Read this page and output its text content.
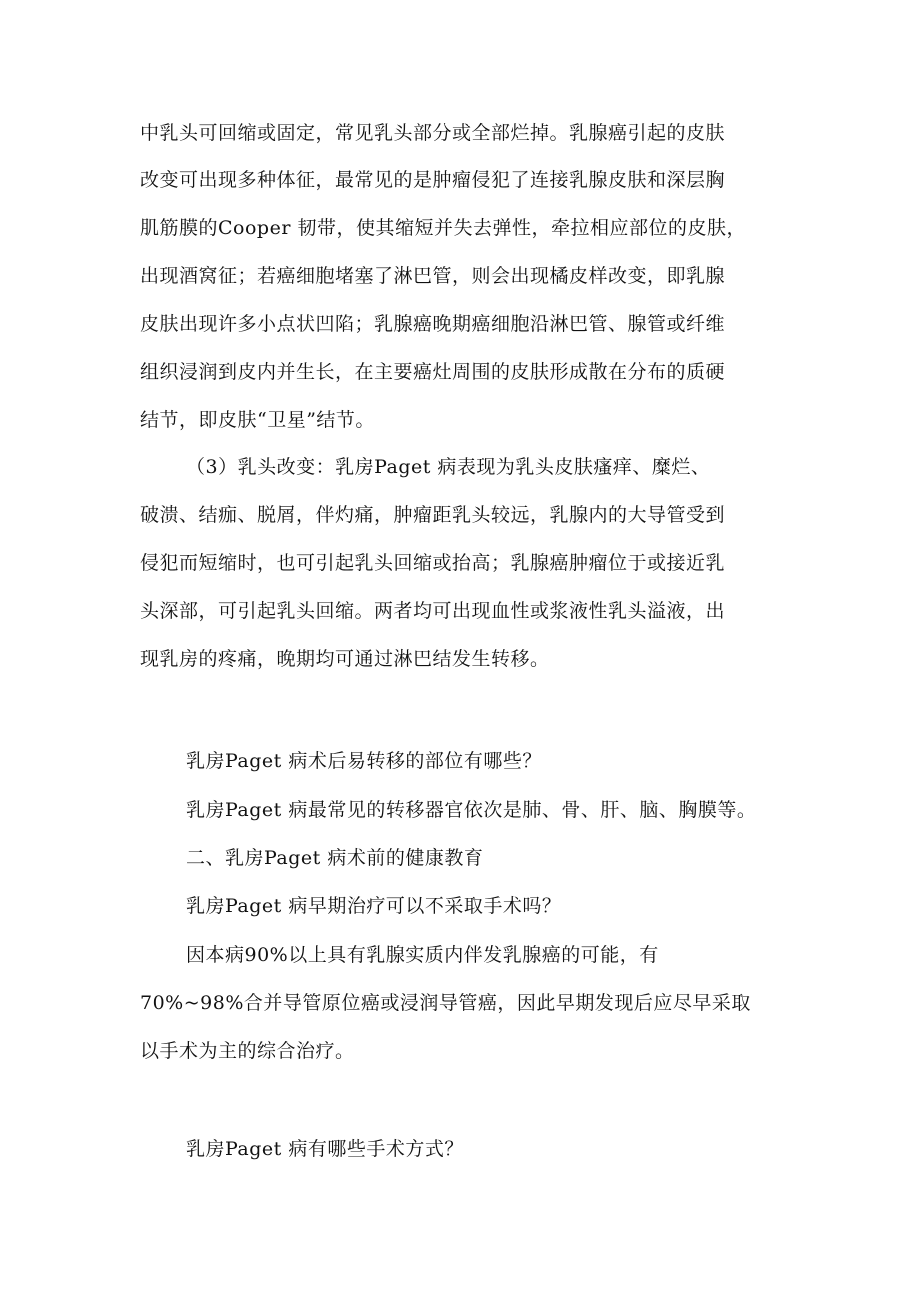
中乳头可回缩或固定，常见乳头部分或全部烂掉。乳腺癌引起的皮肤
改变可出现多种体征，最常见的是肿瘤侵犯了连接乳腺皮肤和深层胸
肌筋膜的Cooper 韧带，使其缩短并失去弹性，牵拉相应部位的皮肤，
出现酒窝征；若癌细胞堵塞了淋巴管，则会出现橘皮样改变，即乳腺
皮肤出现许多小点状凹陷；乳腺癌晚期癌细胞沿淋巴管、腺管或纤维
组织浸润到皮内并生长，在主要癌灶周围的皮肤形成散在分布的质硬
结节，即皮肤“卫星”结节。
（3）乳头改变：乳房Paget 病表现为乳头皮肤瘙痒、糜烂、
破溃、结痂、脱屑，伴灼痛，肿瘤距乳头较远，乳腺内的大导管受到
侵犯而短缩时，也可引起乳头回缩或抬高；乳腺癌肿瘤位于或接近乳
头深部，可引起乳头回缩。两者均可出现血性或浆液性乳头溢液，出
现乳房的疼痛，晚期均可通过淋巴结发生转移。
乳房Paget 病术后易转移的部位有哪些？
乳房Paget 病最常见的转移器官依次是肺、骨、肝、脑、胸膜等。
二、乳房Paget 病术前的健康教育
乳房Paget 病早期治疗可以不采取手术吗？
因本病90%以上具有乳腺实质内伴发乳腺癌的可能，有
70%~98%合并导管原位癌或浸润导管癌，因此早期发现后应尽早采取
以手术为主的综合治疗。
乳房Paget 病有哪些手术方式？
